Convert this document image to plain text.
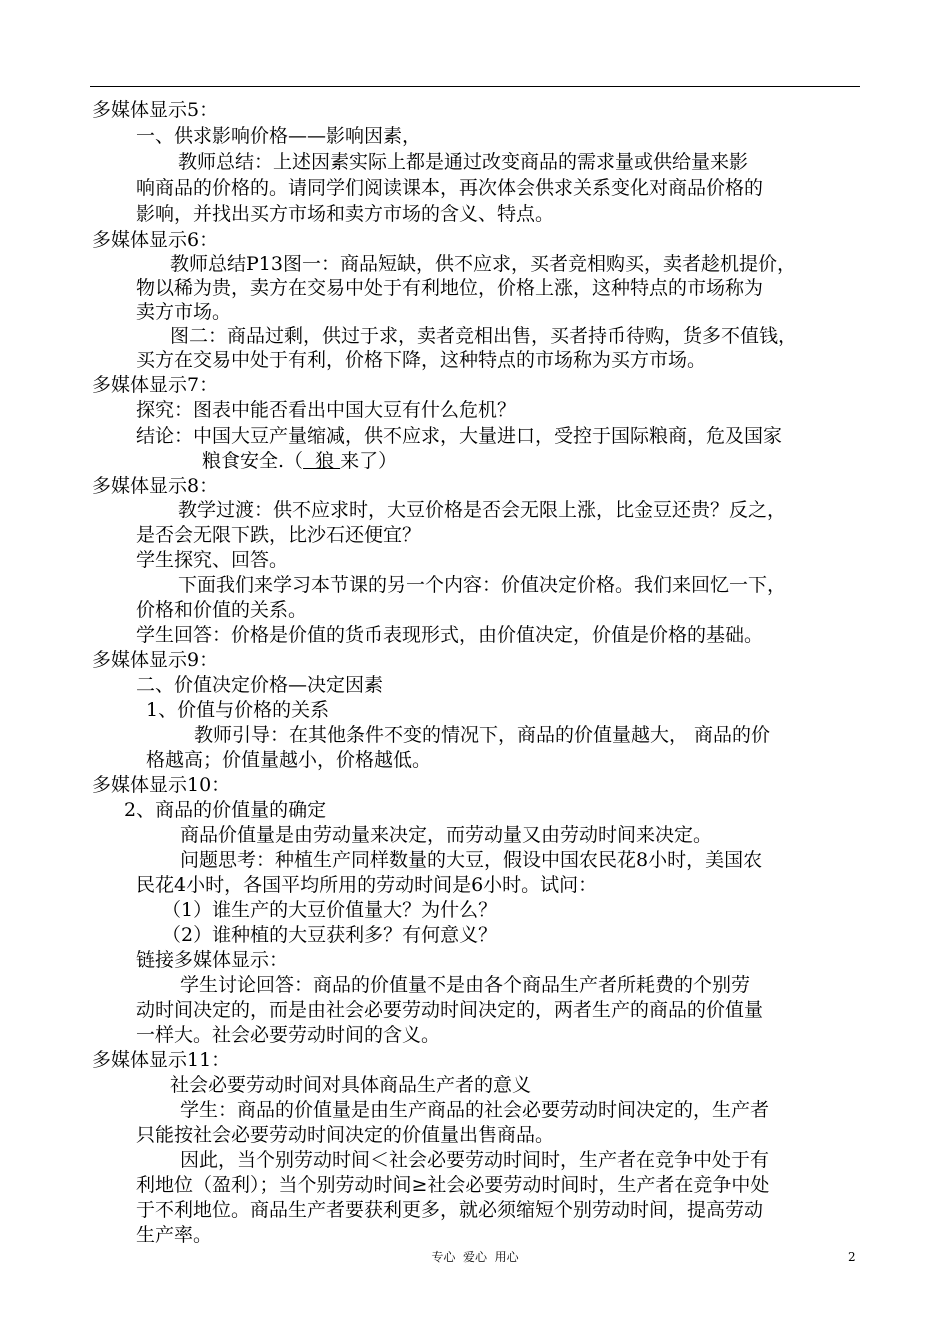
多媒体显示5：
一、供求影响价格——影响因素，
教师总结：上述因素实际上都是通过改变商品的需求量或供给量来影
响商品的价格的。请同学们阅读课本，再次体会供求关系变化对商品价格的
影响，并找出买方市场和卖方市场的含义、特点。
多媒体显示6：
教师总结P13图一：商品短缺，供不应求，买者竞相购买，卖者趁机提价，
物以稀为贵，卖方在交易中处于有利地位，价格上涨，这种特点的市场称为
卖方市场。
图二：商品过剩，供过于求，卖者竞相出售，买者持币待购，货多不值钱，
买方在交易中处于有利，价格下降，这种特点的市场称为买方市场。
多媒体显示7：
探究：图表中能否看出中国大豆有什么危机？
结论：中国大豆产量缩减，供不应求，大量进口，受控于国际粮商，危及国家
粮食安全.（  狼 来了）
多媒体显示8：
教学过渡：供不应求时，大豆价格是否会无限上涨，比金豆还贵？反之，
是否会无限下跌，比沙石还便宜？
学生探究、回答。
下面我们来学习本节课的另一个内容：价值决定价格。我们来回忆一下，
价格和价值的关系。
学生回答：价格是价值的货币表现形式，由价值决定，价值是价格的基础。
多媒体显示9：
二、价值决定价格—决定因素
1、价值与价格的关系
教师引导：在其他条件不变的情况下，商品的价值量越大， 商品的价
格越高；价值量越小，价格越低。
多媒体显示10：
2、商品的价值量的确定
商品价值量是由劳动量来决定，而劳动量又由劳动时间来决定。
问题思考：种植生产同样数量的大豆，假设中国农民花8小时，美国农
民花4小时，各国平均所用的劳动时间是6小时。试问：
（1）谁生产的大豆价值量大？为什么？
（2）谁种植的大豆获利多？有何意义？
链接多媒体显示：
学生讨论回答：商品的价值量不是由各个商品生产者所耗费的个别劳
动时间决定的，而是由社会必要劳动时间决定的，两者生产的商品的价值量
一样大。社会必要劳动时间的含义。
多媒体显示11：
社会必要劳动时间对具体商品生产者的意义
学生：商品的价值量是由生产商品的社会必要劳动时间决定的，生产者
只能按社会必要劳动时间决定的价值量出售商品。
因此，当个别劳动时间＜社会必要劳动时间时，生产者在竞争中处于有
利地位（盈利）；当个别劳动时间≥社会必要劳动时间时，生产者在竞争中处
于不利地位。商品生产者要获利更多，就必须缩短个别劳动时间，提高劳动
生产率。
专心  爱心  用心	2
